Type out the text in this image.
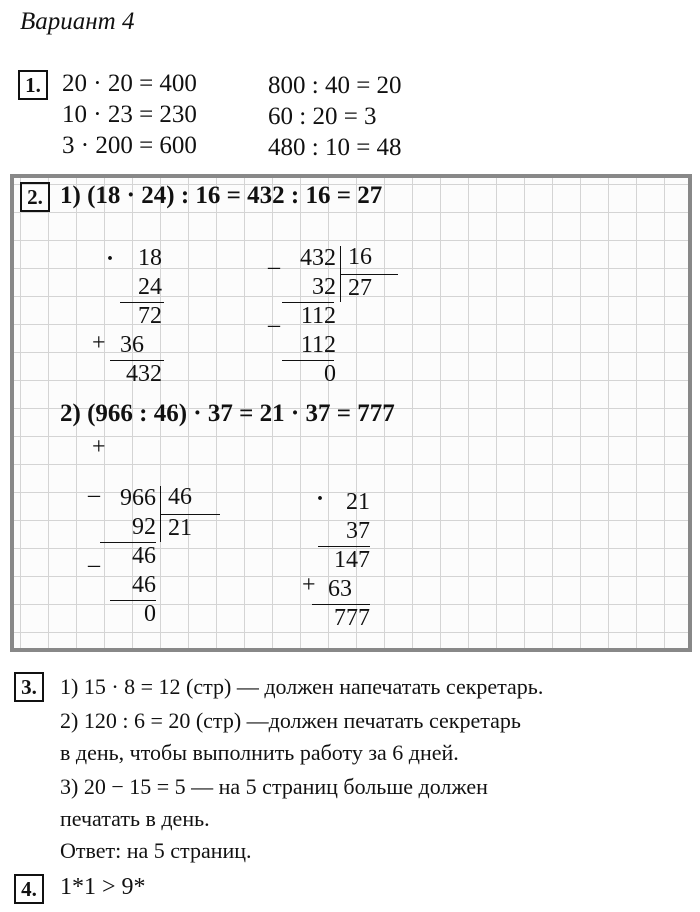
Вариант 4
1. 20 · 20 = 400
10 · 23 = 230
3 · 200 = 600
800 : 40 = 20
60 : 20 = 3
480 : 10 = 48
2. 1) (18 · 24) : 16 = 432 : 16 = 27
· 18
24
72
36
432
+
+
_ 432
32
112
112
0
16
27
_
2) (966 : 46) · 37 = 21 · 37 = 777
_ 966
92
46
46
0
46
21
_
· 21
37
147
63
777
+
3.	1) 15 · 8 = 12 (стр) — должен напечатать секретарь.
2) 120 : 6 = 20 (стр) —должен печатать секретарь
в день, чтобы выполнить работу за 6 дней.
3) 20 − 15 = 5 — на 5 страниц больше должен
печатать в день.
Ответ: на 5 страниц.
4. 1*1 > 9*
